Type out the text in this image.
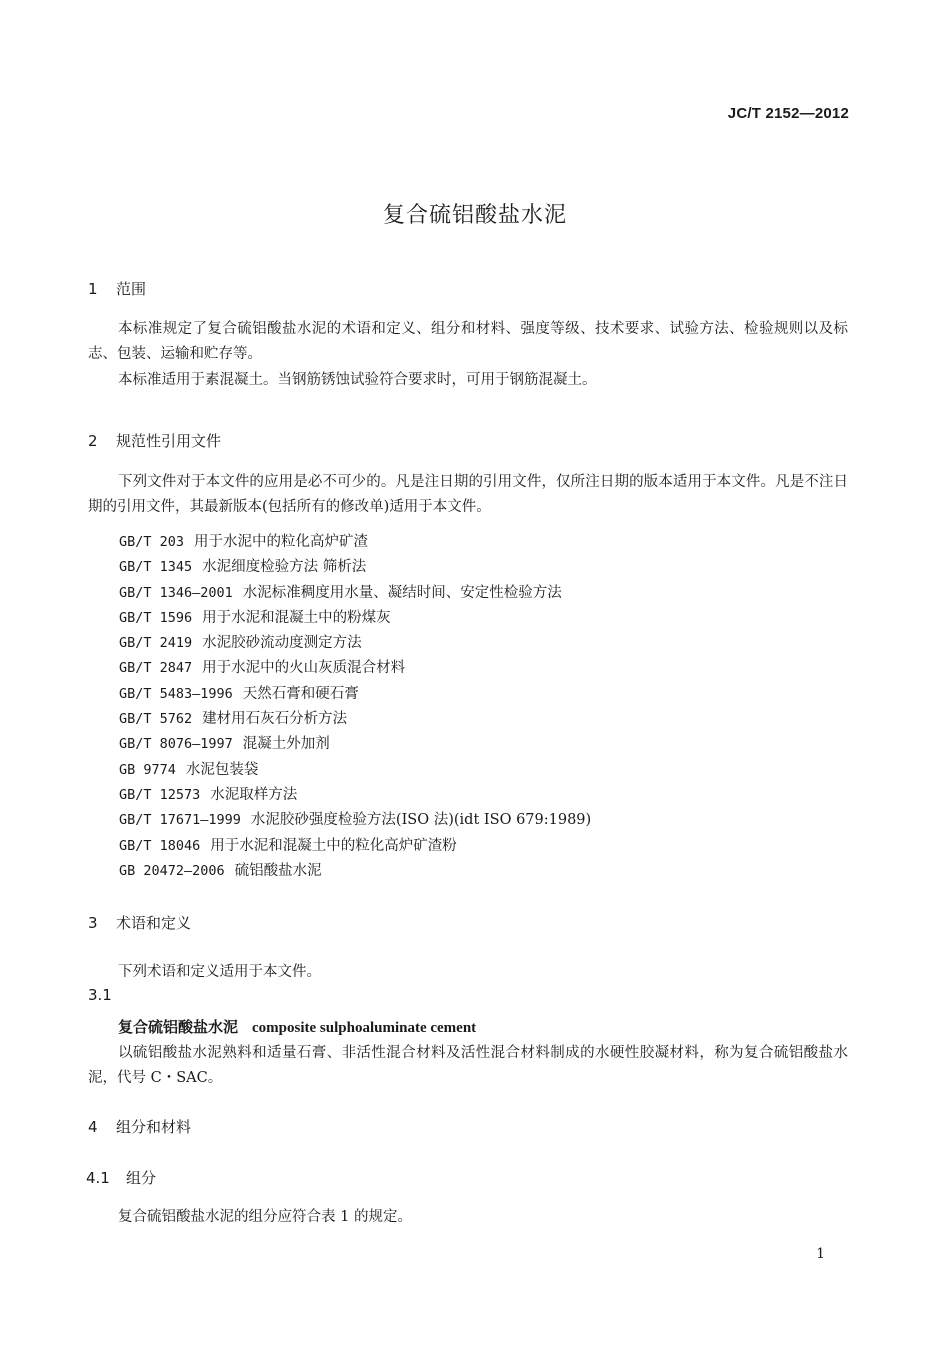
JC/T 2152—2012
复合硫铝酸盐水泥
1 范围

本标准规定了复合硫铝酸盐水泥的术语和定义、组分和材料、强度等级、技术要求、试验方法、检验规则以及标志、包装、运输和贮存等。

本标准适用于素混凝土。当钢筋锈蚀试验符合要求时，可用于钢筋混凝土。

2 规范性引用文件

下列文件对于本文件的应用是必不可少的。凡是注日期的引用文件，仅所注日期的版本适用于本文件。凡是不注日期的引用文件，其最新版本(包括所有的修改单)适用于本文件。

GB/T 203 用于水泥中的粒化高炉矿渣
GB/T 1345 水泥细度检验方法 筛析法
GB/T 1346—2001 水泥标准稠度用水量、凝结时间、安定性检验方法
GB/T 1596 用于水泥和混凝土中的粉煤灰
GB/T 2419 水泥胶砂流动度测定方法
GB/T 2847 用于水泥中的火山灰质混合材料
GB/T 5483—1996 天然石膏和硬石膏
GB/T 5762 建材用石灰石分析方法
GB/T 8076—1997 混凝土外加剂
GB 9774 水泥包装袋
GB/T 12573 水泥取样方法
GB/T 17671—1999 水泥胶砂强度检验方法(ISO 法)(idt ISO 679:1989)
GB/T 18046 用于水泥和混凝土中的粒化高炉矿渣粉
GB 20472—2006 硫铝酸盐水泥
3 术语和定义

下列术语和定义适用于本文件。

3.1
复合硫铝酸盐水泥 composite sulphoaluminate cement

以硫铝酸盐水泥熟料和适量石膏、非活性混合材料及活性混合材料制成的水硬性胶凝材料，称为复合硫铝酸盐水泥，代号 C・SAC。

4 组分和材料
4.1 组分

复合硫铝酸盐水泥的组分应符合表 1 的规定。

1
